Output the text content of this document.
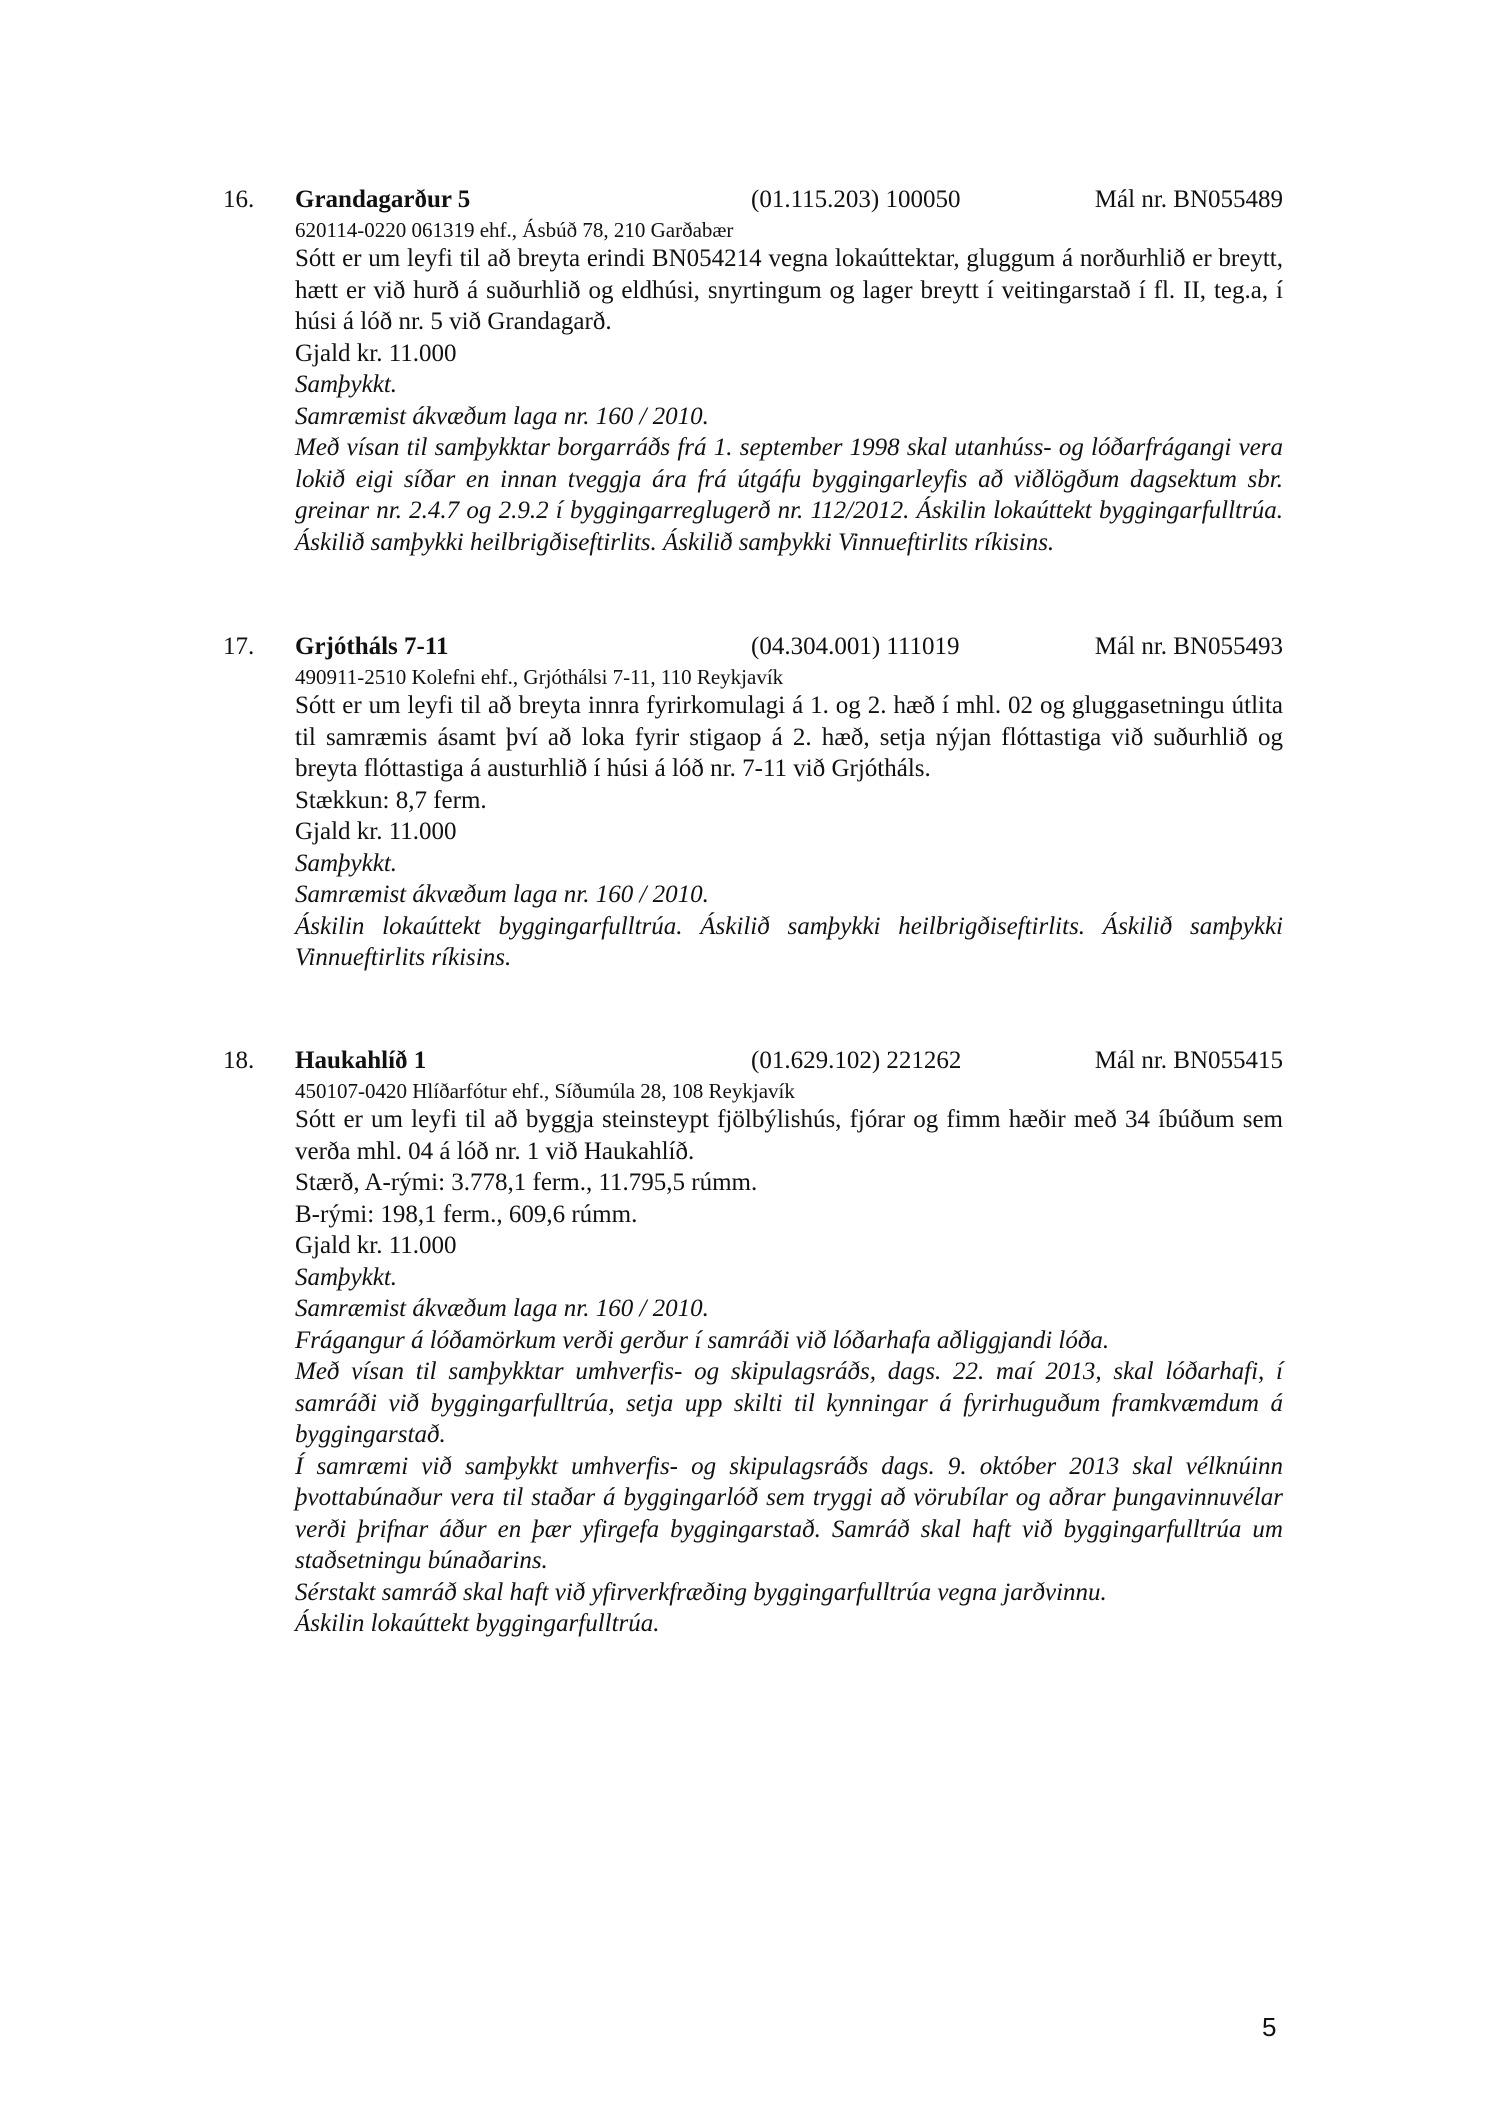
16. Grandagarður 5	(01.115.203) 100050	Mál nr. BN055489
620114-0220 061319 ehf., Ásbúð 78, 210 Garðabær

Sótt er um leyfi til að breyta erindi BN054214 vegna lokaúttektar, gluggum á norðurhlið er breytt, hætt er við hurð á suðurhlið og eldhúsi, snyrtingum og lager breytt í veitingarstað í fl. II, teg.a, í húsi á lóð nr. 5 við Grandagarð.

Gjald kr. 11.000

Samþykkt.

Samræmist ákvæðum laga nr. 160 / 2010.

Með vísan til samþykktar borgarráðs frá 1. september 1998 skal utanhúss- og lóðarfrágangi vera lokið eigi síðar en innan tveggja ára frá útgáfu byggingarleyfis að viðlögðum dagsektum sbr. greinar nr. 2.4.7 og 2.9.2 í byggingarreglugerð nr. 112/2012. Áskilin lokaúttekt byggingarfulltrúa. Áskilið samþykki heilbrigðiseftirlits. Áskilið samþykki Vinnueftirlits ríkisins.

17. Grjótháls 7-11	(04.304.001) 111019	Mál nr. BN055493
490911-2510 Kolefni ehf., Grjóthálsi 7-11, 110 Reykjavík

Sótt er um leyfi til að breyta innra fyrirkomulagi á 1. og 2. hæð í mhl. 02 og gluggasetningu útlita til samræmis ásamt því að loka fyrir stigaop á 2. hæð, setja nýjan flóttastiga við suðurhlið og breyta flóttastiga á austurhlið í húsi á lóð nr. 7-11 við Grjótháls.

Stækkun: 8,7 ferm.

Gjald kr. 11.000

Samþykkt.

Samræmist ákvæðum laga nr. 160 / 2010.

Áskilin lokaúttekt byggingarfulltrúa. Áskilið samþykki heilbrigðiseftirlits. Áskilið samþykki Vinnueftirlits ríkisins.

18. Haukahlíð 1	(01.629.102) 221262	Mál nr. BN055415
450107-0420 Hlíðarfótur ehf., Síðumúla 28, 108 Reykjavík

Sótt er um leyfi til að byggja steinsteypt fjölbýlishús, fjórar og fimm hæðir með 34 íbúðum sem verða mhl. 04 á lóð nr. 1 við Haukahlíð.

Stærð, A-rými: 3.778,1 ferm., 11.795,5 rúmm.

B-rými: 198,1 ferm., 609,6 rúmm.

Gjald kr. 11.000

Samþykkt.

Samræmist ákvæðum laga nr. 160 / 2010.

Frágangur á lóðamörkum verði gerður í samráði við lóðarhafa aðliggjandi lóða.

Með vísan til samþykktar umhverfis- og skipulagsráðs, dags. 22. maí 2013, skal lóðarhafi, í samráði við byggingarfulltrúa, setja upp skilti til kynningar á fyrirhuguðum framkvæmdum á byggingarstað.

Í samræmi við samþykkt umhverfis- og skipulagsráðs dags. 9. október 2013 skal vélknúinn þvottabúnaður vera til staðar á byggingarlóð sem tryggi að vörubílar og aðrar þungavinnuvélar verði þrifnar áður en þær yfirgefa byggingarstað. Samráð skal haft við byggingarfulltrúa um staðsetningu búnaðarins.

Sérstakt samráð skal haft við yfirverkfræðing byggingarfulltrúa vegna jarðvinnu.

Áskilin lokaúttekt byggingarfulltrúa.

5
